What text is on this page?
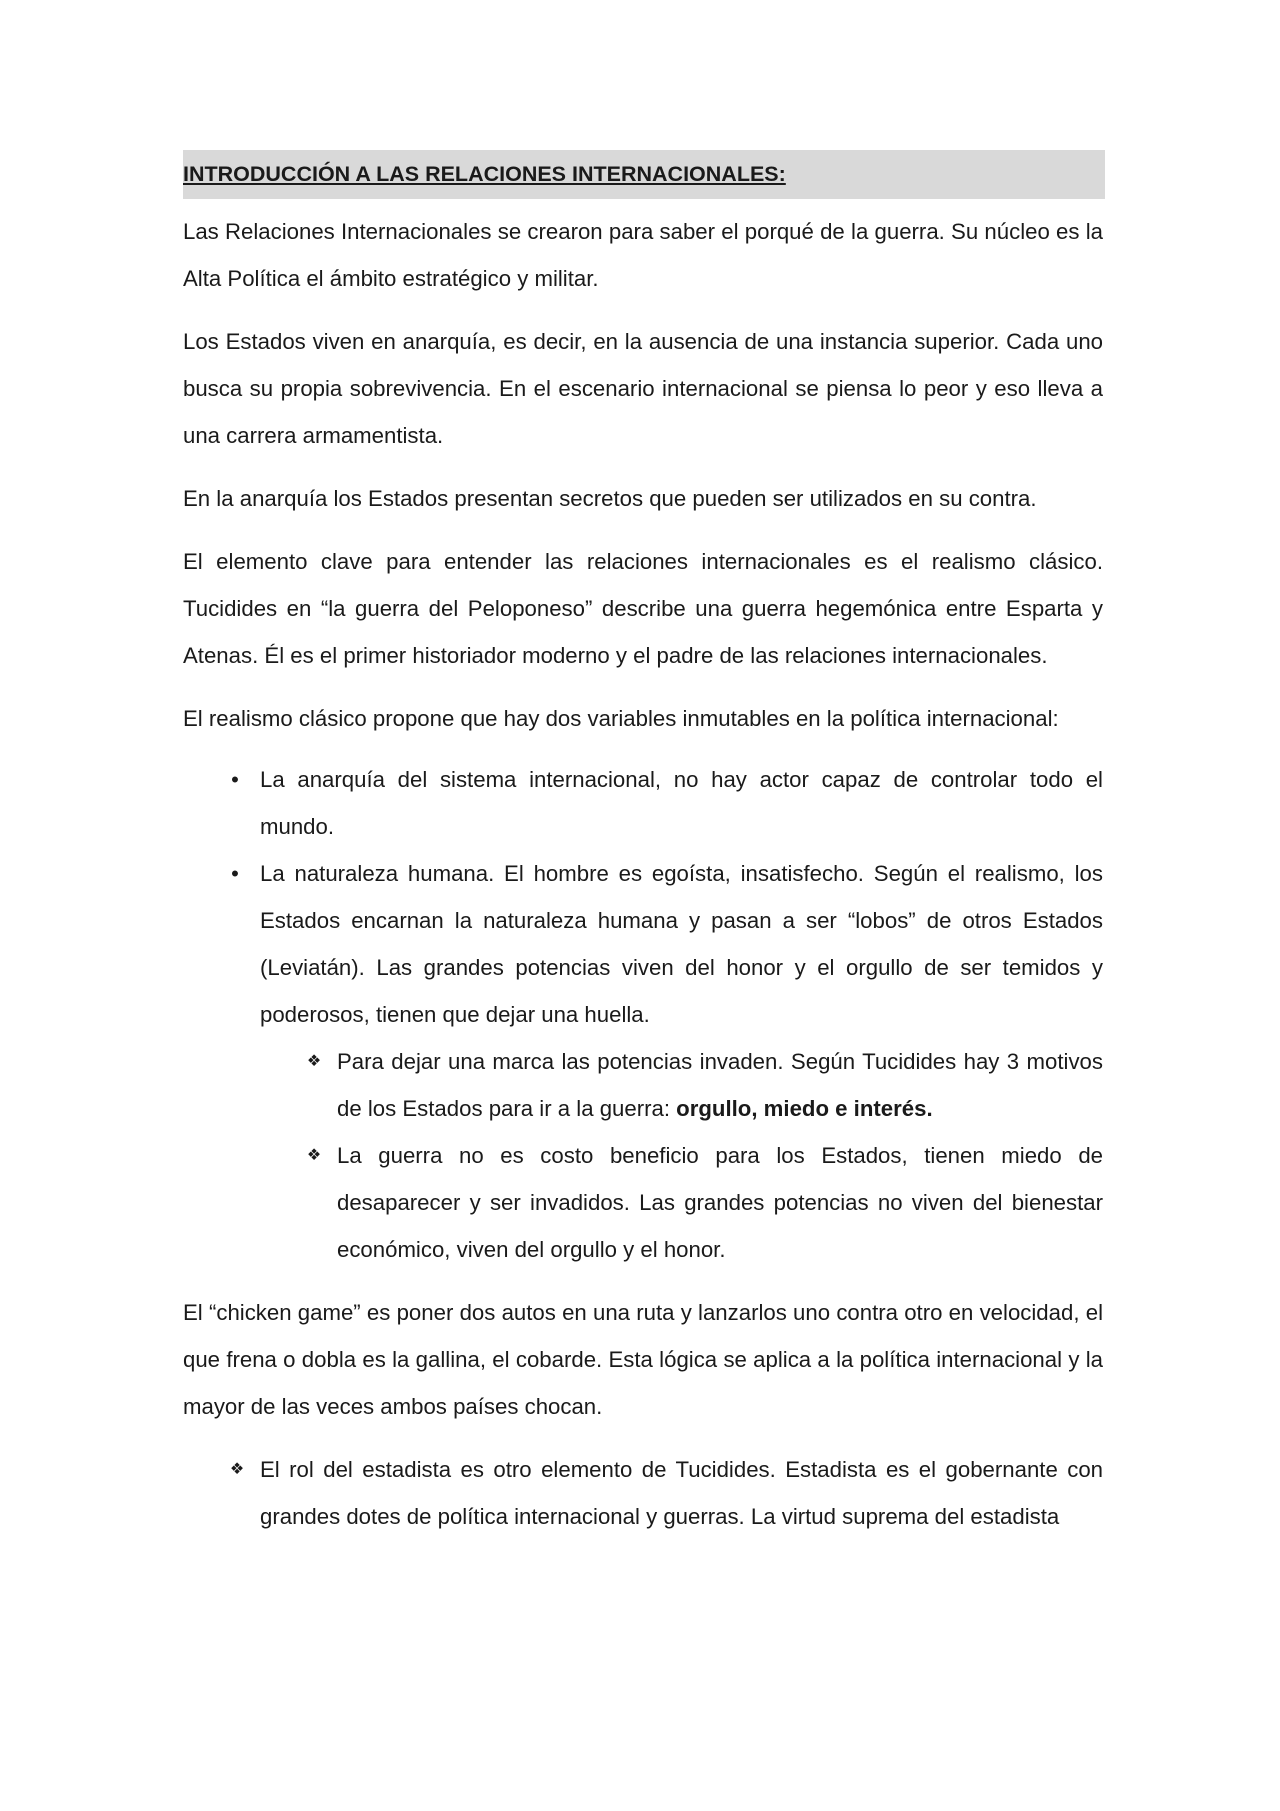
INTRODUCCIÓN A LAS RELACIONES INTERNACIONALES:

Las Relaciones Internacionales se crearon para saber el porqué de la guerra. Su núcleo es la Alta Política el ámbito estratégico y militar.

Los Estados viven en anarquía, es decir, en la ausencia de una instancia superior. Cada uno busca su propia sobrevivencia. En el escenario internacional se piensa lo peor y eso lleva a una carrera armamentista.

En la anarquía los Estados presentan secretos que pueden ser utilizados en su contra.

El elemento clave para entender las relaciones internacionales es el realismo clásico. Tucidides en “la guerra del Peloponeso” describe una guerra hegemónica entre Esparta y Atenas. Él es el primer historiador moderno y el padre de las relaciones internacionales.

El realismo clásico propone que hay dos variables inmutables en la política internacional:

• La anarquía del sistema internacional, no hay actor capaz de controlar todo el mundo.
• La naturaleza humana. El hombre es egoísta, insatisfecho. Según el realismo, los Estados encarnan la naturaleza humana y pasan a ser “lobos” de otros Estados (Leviatán). Las grandes potencias viven del honor y el orgullo de ser temidos y poderosos, tienen que dejar una huella.
❖ Para dejar una marca las potencias invaden. Según Tucidides hay 3 motivos de los Estados para ir a la guerra: orgullo, miedo e interés.
❖ La guerra no es costo beneficio para los Estados, tienen miedo de desaparecer y ser invadidos. Las grandes potencias no viven del bienestar económico, viven del orgullo y el honor.

El “chicken game” es poner dos autos en una ruta y lanzarlos uno contra otro en velocidad, el que frena o dobla es la gallina, el cobarde. Esta lógica se aplica a la política internacional y la mayor de las veces ambos países chocan.

❖ El rol del estadista es otro elemento de Tucidides. Estadista es el gobernante con grandes dotes de política internacional y guerras. La virtud suprema del estadista
